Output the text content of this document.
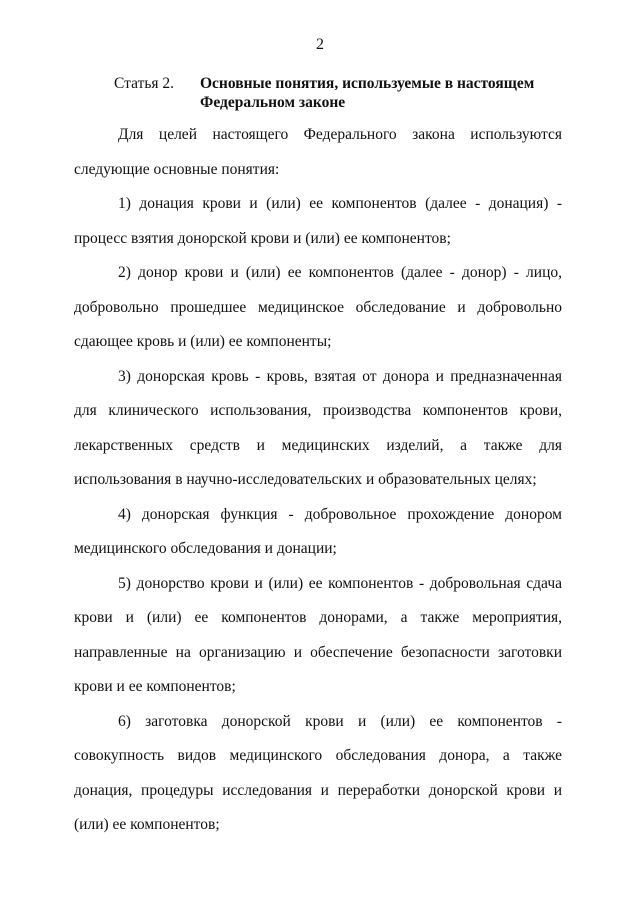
2
Статья 2.	Основные понятия, используемые в настоящем Федеральном законе

Для целей настоящего Федерального закона используются следующие основные понятия:

1) донация крови и (или) ее компонентов (далее - донация) - процесс взятия донорской крови и (или) ее компонентов;

2) донор крови и (или) ее компонентов (далее - донор) - лицо, добровольно прошедшее медицинское обследование и добровольно сдающее кровь и (или) ее компоненты;

3) донорская кровь - кровь, взятая от донора и предназначенная для клинического использования, производства компонентов крови, лекарственных средств и медицинских изделий, а также для использования в научно-исследовательских и образовательных целях;

4) донорская функция - добровольное прохождение донором медицинского обследования и донации;

5) донорство крови и (или) ее компонентов - добровольная сдача крови и (или) ее компонентов донорами, а также мероприятия, направленные на организацию и обеспечение безопасности заготовки крови и ее компонентов;

6) заготовка донорской крови и (или) ее компонентов - совокупность видов медицинского обследования донора, а также донация, процедуры исследования и переработки донорской крови и (или) ее компонентов;
